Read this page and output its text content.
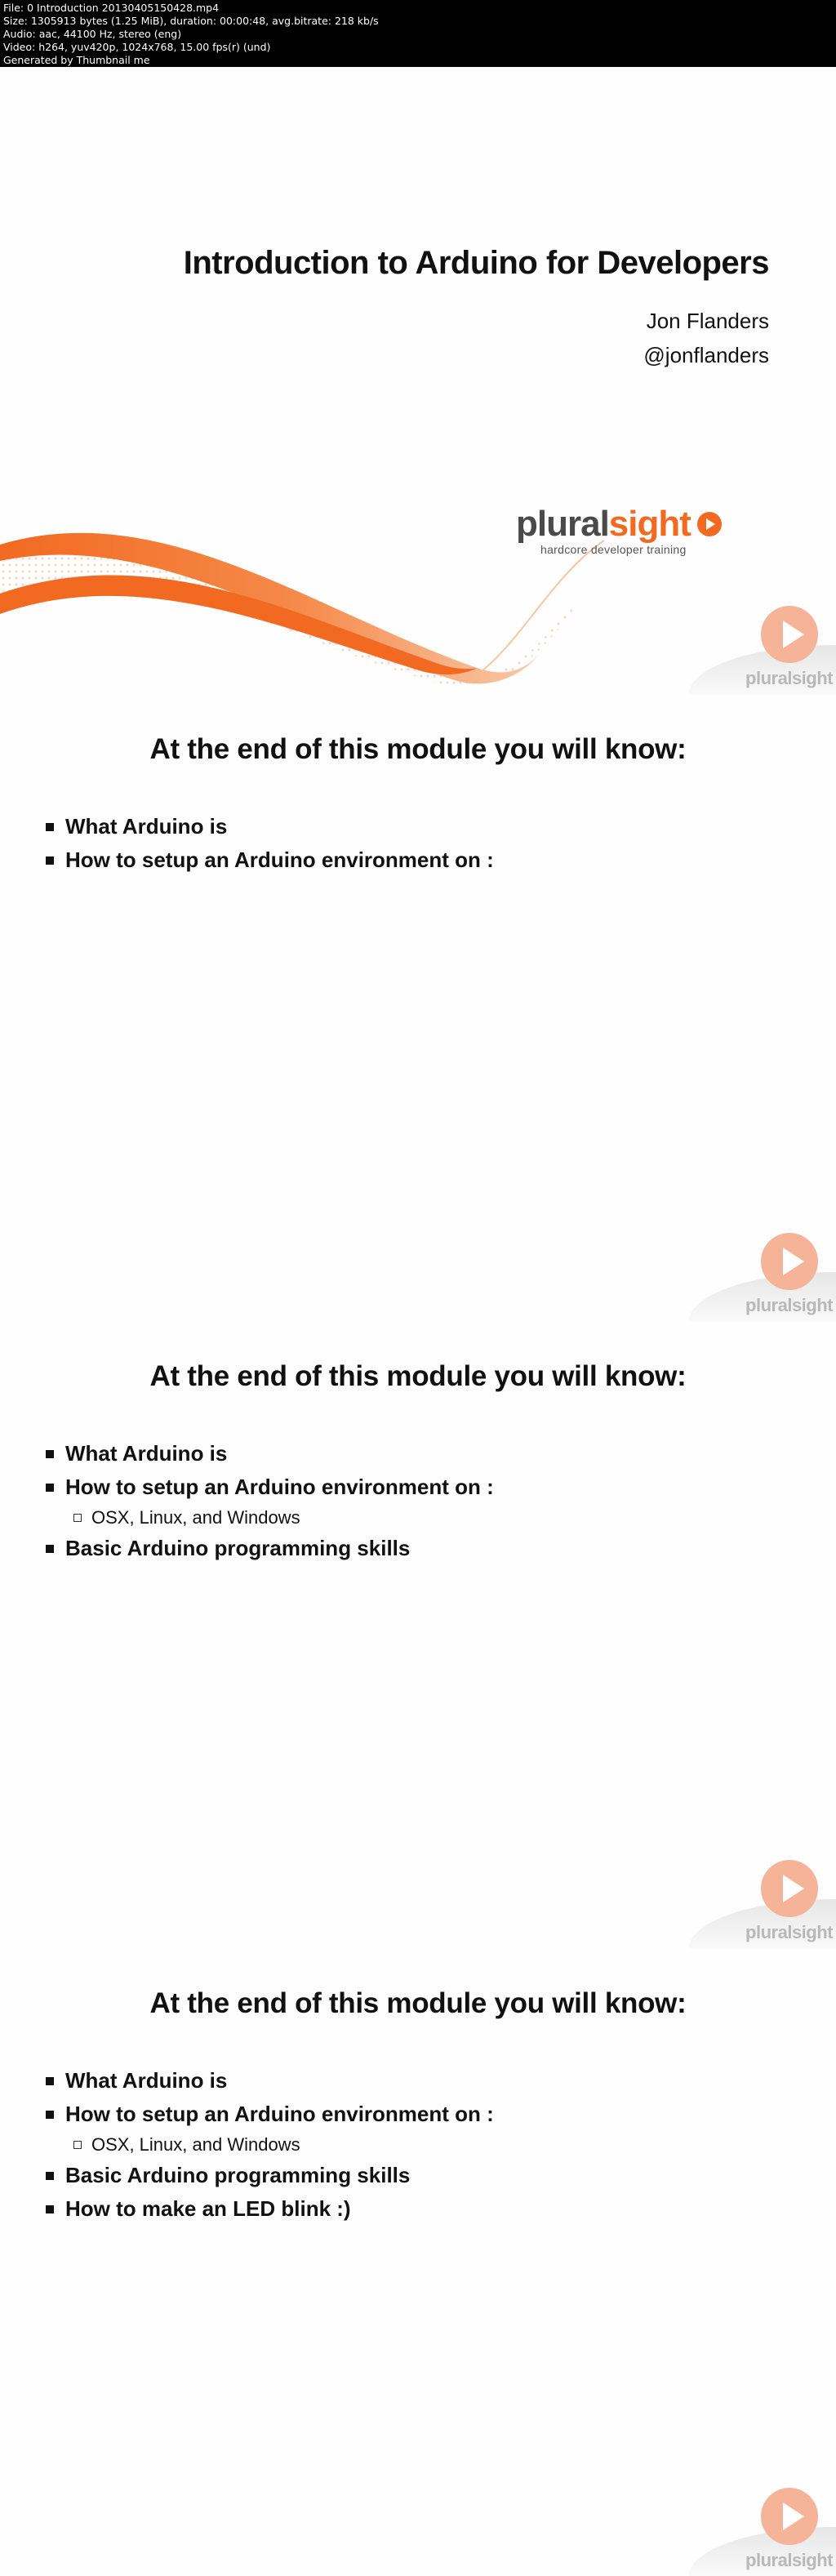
File: 0 Introduction 20130405150428.mp4
Size: 1305913 bytes (1.25 MiB), duration: 00:00:48, avg.bitrate: 218 kb/s
Audio: aac, 44100 Hz, stereo (eng)
Video: h264, yuv420p, 1024x768, 15.00 fps(r) (und)
Generated by Thumbnail me
Introduction to Arduino for Developers
Jon Flanders
@jonflanders
pluralsight
hardcore developer training
pluralsight
At the end of this module you will know:
What Arduino is
How to setup an Arduino environment on :
pluralsight
At the end of this module you will know:
What Arduino is
How to setup an Arduino environment on :
OSX, Linux, and Windows
Basic Arduino programming skills
pluralsight
At the end of this module you will know:
What Arduino is
How to setup an Arduino environment on :
OSX, Linux, and Windows
Basic Arduino programming skills
How to make an LED blink :)
pluralsight
